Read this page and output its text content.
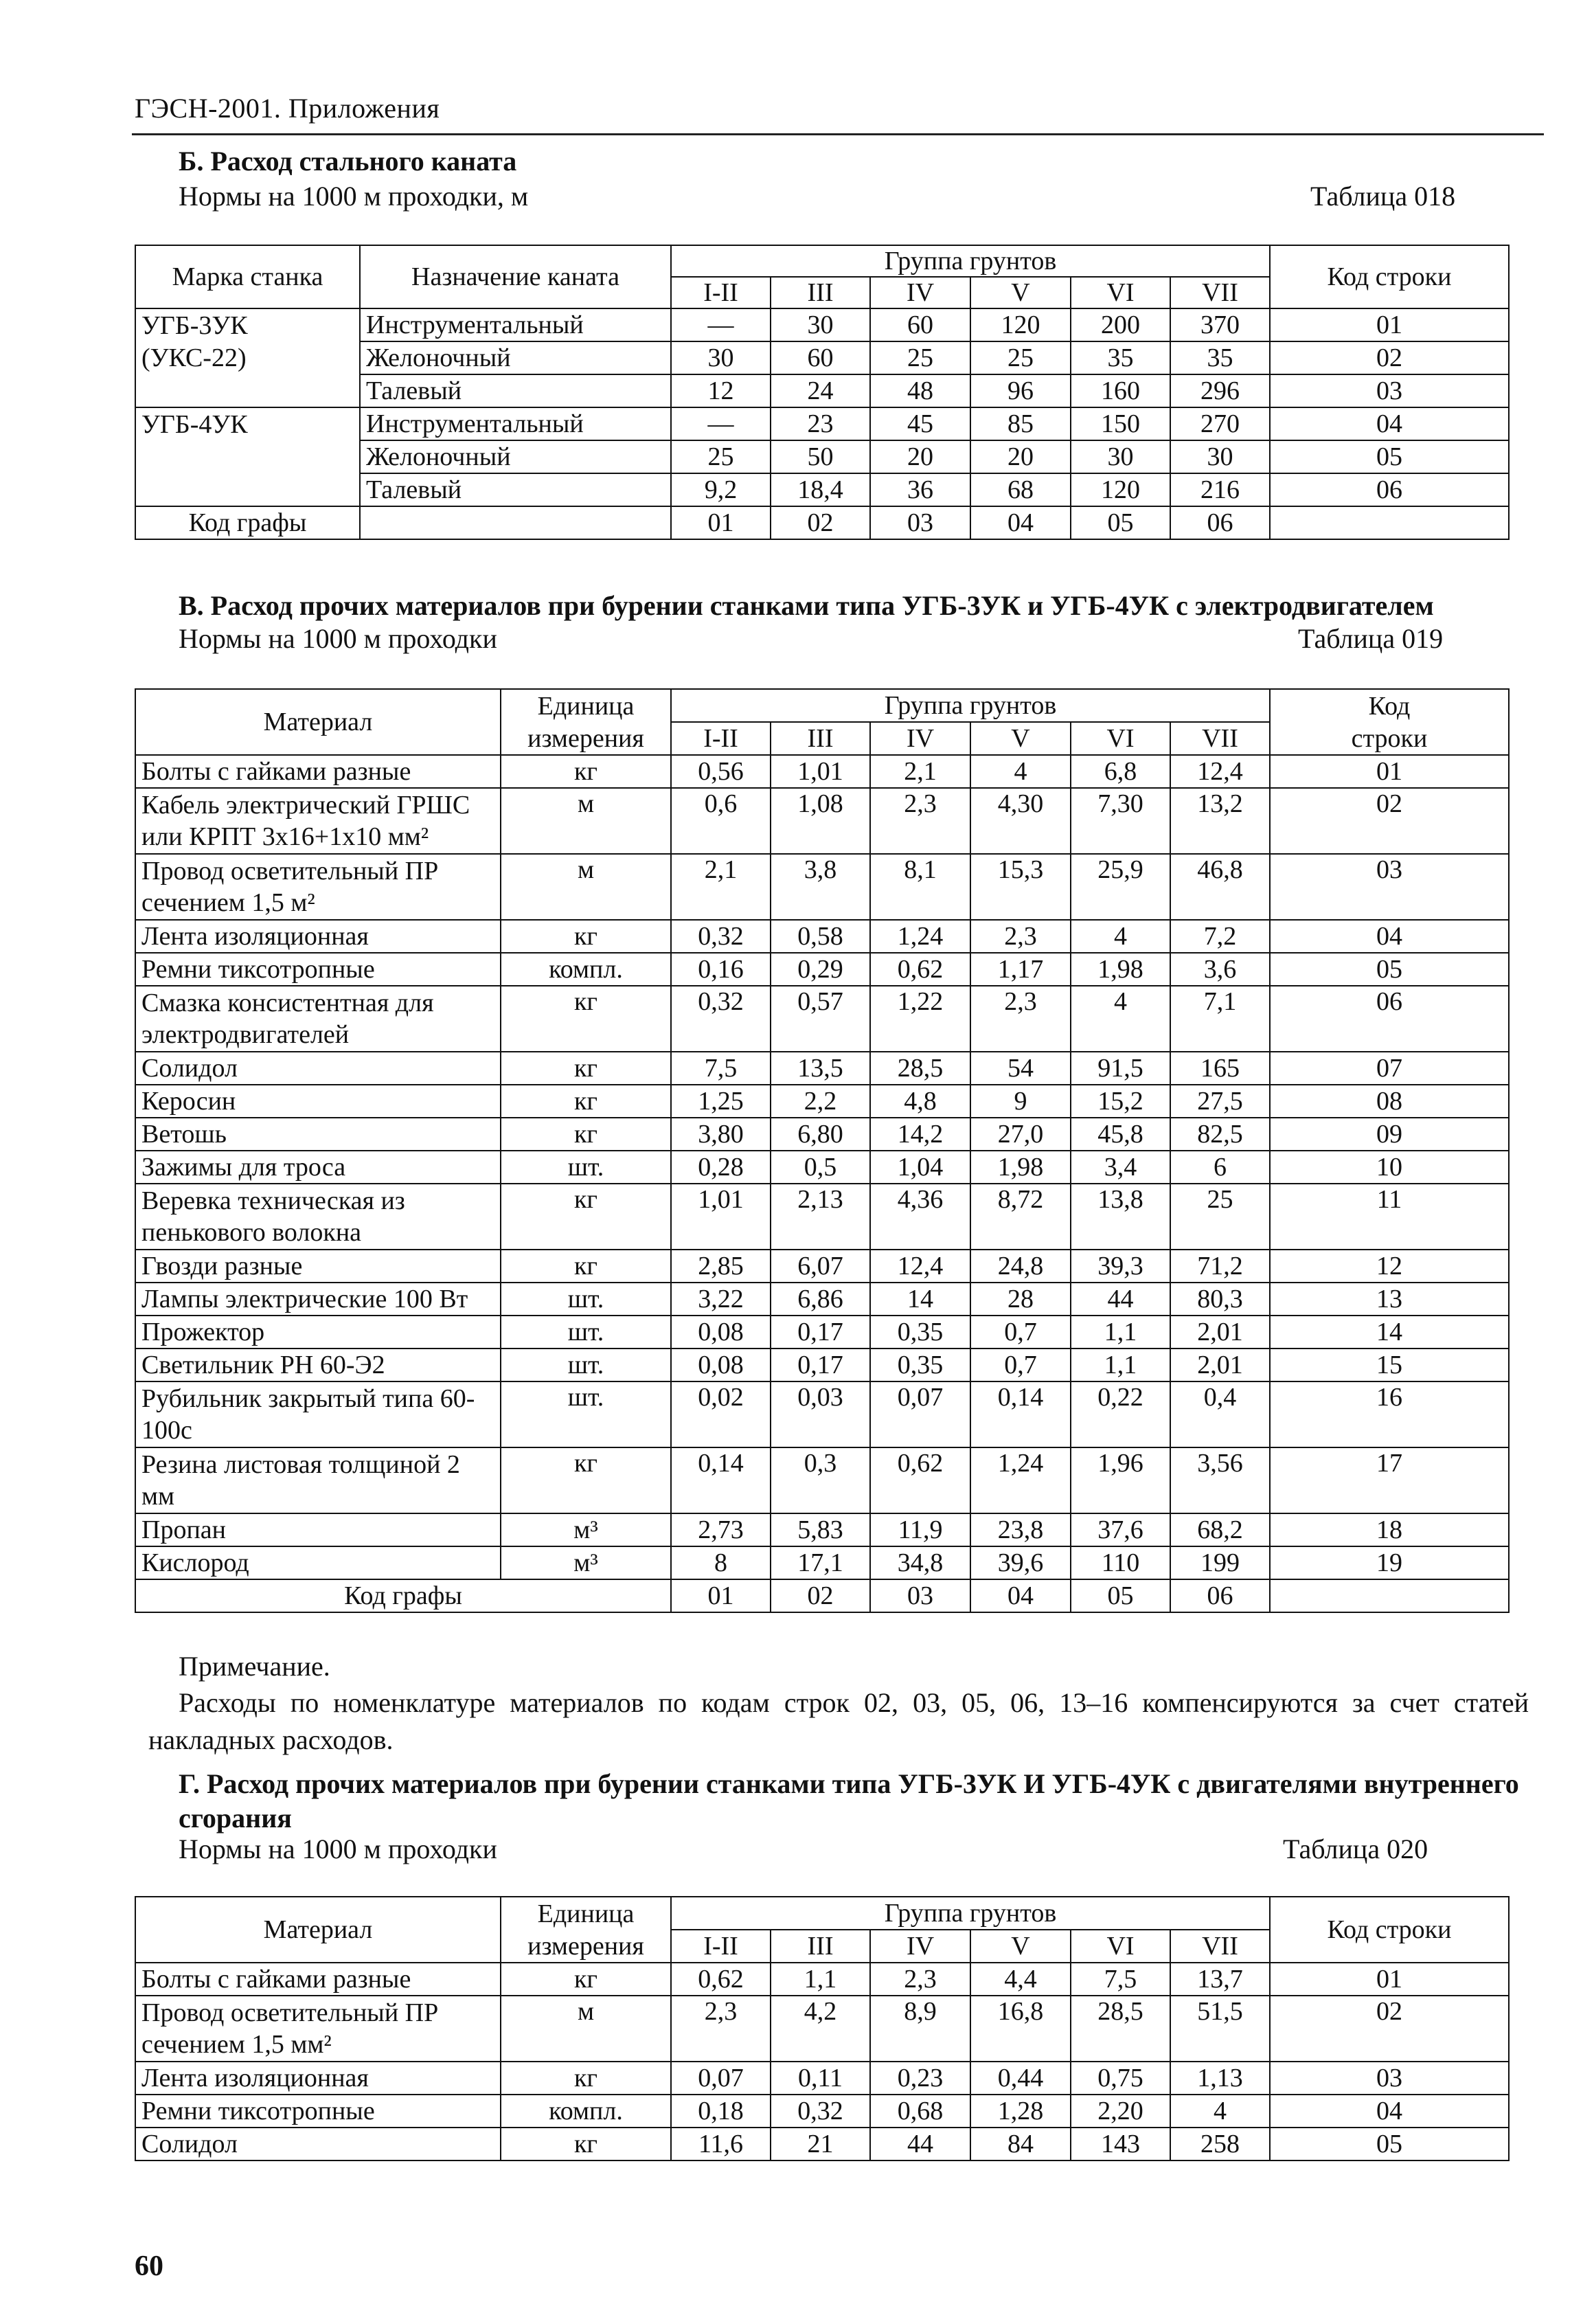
ГЭСН-2001. Приложения
Б. Расход стального каната
Нормы на 1000 м проходки, м	Таблица 018
Марка станка	Назначение каната	Группа грунтов						Код строки
		I-II	III	IV	V	VI	VII	
УГБ-3УК	Инструментальный	—	30	60	120	200	370	01
(УКС-22)	Желоночный	30	60	25	25	35	35	02
	Талевый	12	24	48	96	160	296	03
УГБ-4УК	Инструментальный	—	23	45	85	150	270	04
	Желоночный	25	50	20	20	30	30	05
	Талевый	9,2	18,4	36	68	120	216	06
Код графы		01	02	03	04	05	06	
В. Расход прочих материалов при бурении станками типа УГБ-3УК и УГБ-4УК с электродвигателем
Нормы на 1000 м проходки	Таблица 019
Материал	Единица	Группа грунтов						Код
	измерения	I-II	III	IV	V	VI	VII	строки
Болты с гайками разные	кг	0,56	1,01	2,1	4	6,8	12,4	01
Кабель электрический ГРШС или КРПТ 3х16+1х10 мм²	м	0,6	1,08	2,3	4,30	7,30	13,2	02
Провод осветительный ПР сечением 1,5 м²	м	2,1	3,8	8,1	15,3	25,9	46,8	03
Лента изоляционная	кг	0,32	0,58	1,24	2,3	4	7,2	04
Ремни тиксотропные	компл.	0,16	0,29	0,62	1,17	1,98	3,6	05
Смазка консистентная для электродвигателей	кг	0,32	0,57	1,22	2,3	4	7,1	06
Солидол	кг	7,5	13,5	28,5	54	91,5	165	07
Керосин	кг	1,25	2,2	4,8	9	15,2	27,5	08
Ветошь	кг	3,80	6,80	14,2	27,0	45,8	82,5	09
Зажимы для троса	шт.	0,28	0,5	1,04	1,98	3,4	6	10
Веревка техническая из пенькового волокна	кг	1,01	2,13	4,36	8,72	13,8	25	11
Гвозди разные	кг	2,85	6,07	12,4	24,8	39,3	71,2	12
Лампы электрические 100 Вт	шт.	3,22	6,86	14	28	44	80,3	13
Прожектор	шт.	0,08	0,17	0,35	0,7	1,1	2,01	14
Светильник РН 60-Э2	шт.	0,08	0,17	0,35	0,7	1,1	2,01	15
Рубильник закрытый типа 60-100с	шт.	0,02	0,03	0,07	0,14	0,22	0,4	16
Резина листовая толщиной 2 мм	кг	0,14	0,3	0,62	1,24	1,96	3,56	17
Пропан	м³	2,73	5,83	11,9	23,8	37,6	68,2	18
Кислород	м³	8	17,1	34,8	39,6	110	199	19
Код графы		01	02	03	04	05	06	
Примечание.
Расходы по номенклатуре материалов по кодам строк 02, 03, 05, 06, 13–16 компенсируются за счет статей накладных расходов.
Г. Расход прочих материалов при бурении станками типа УГБ-3УК И УГБ-4УК с двигателями внутреннего сгорания
Нормы на 1000 м проходки	Таблица 020
Материал	Единица	Группа грунтов						Код строки
	измерения	I-II	III	IV	V	VI	VII	
Болты с гайками разные	кг	0,62	1,1	2,3	4,4	7,5	13,7	01
Провод осветительный ПР сечением 1,5 мм²	м	2,3	4,2	8,9	16,8	28,5	51,5	02
Лента изоляционная	кг	0,07	0,11	0,23	0,44	0,75	1,13	03
Ремни тиксотропные	компл.	0,18	0,32	0,68	1,28	2,20	4	04
Солидол	кг	11,6	21	44	84	143	258	05
60
